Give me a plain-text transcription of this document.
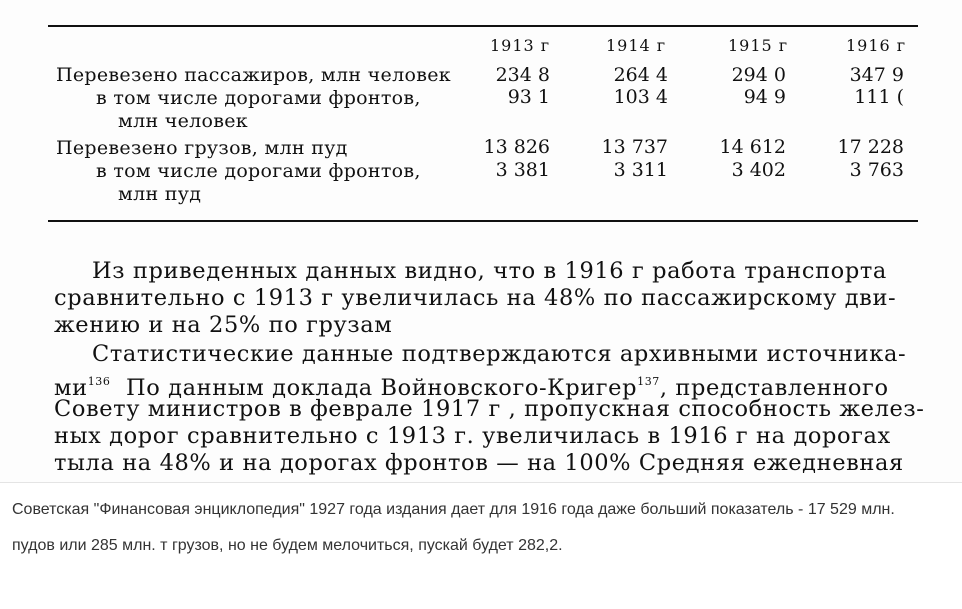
1913 г	1914 г	1915 г	1916 г
Перевезено пассажиров, млн человек	234 8	264 4	294 0	347 9
в том числе дорогами фронтов,
млн человек
93 1	103 4	94 9	111 (
Перевезено грузов, млн пуд	13 826	13 737	14 612	17 228
в том числе дорогами фронтов,
млн пуд
3 381	3 311	3 402	3 763
Из приведенных данных видно, что в 1916 г работа транспорта
сравнительно с 1913 г увеличилась на 48% по пассажирскому дви-
жению и на 25% по грузам
Статистические данные подтверждаются архивными источника-
$ми^{136}$ По данным доклада Войновского-Кригер$^{137}$, представленного
Совету министров в феврале 1917 г , пропускная способность желез-
ных дорог сравнительно с 1913 г. увеличилась в 1916 г на дорогах
тыла на 48% и на дорогах фронтов — на 100% Средняя ежедневная
Советская "Финансовая энциклопедия" 1927 года издания дает для 1916 года даже больший показатель - 17 529 млн. пудов или 285 млн. т грузов, но не будем мелочиться, пускай будет 282,2.
